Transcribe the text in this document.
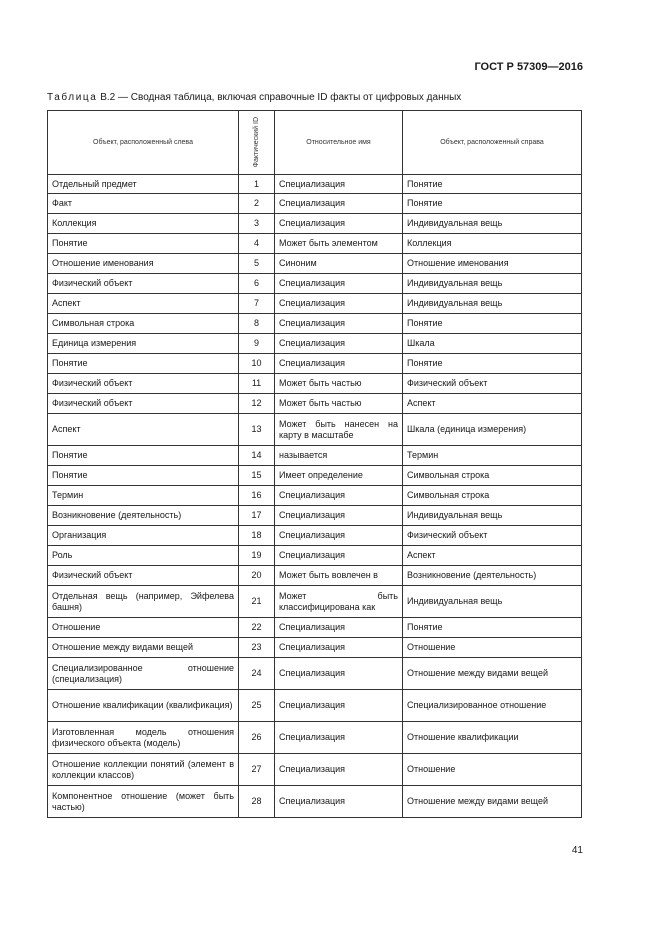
ГОСТ Р 57309—2016
Таблица В.2 — Сводная таблица, включая справочные ID факты от цифровых данных
Объект, расположенный слева	Фактический ID	Относительное имя	Объект, расположенный справа
Отдельный предмет	1	Специализация	Понятие
Факт	2	Специализация	Понятие
Коллекция	3	Специализация	Индивидуальная вещь
Понятие	4	Может быть элементом	Коллекция
Отношение именования	5	Синоним	Отношение именования
Физический объект	6	Специализация	Индивидуальная вещь
Аспект	7	Специализация	Индивидуальная вещь
Символьная строка	8	Специализация	Понятие
Единица измерения	9	Специализация	Шкала
Понятие	10	Специализация	Понятие
Физический объект	11	Может быть частью	Физический объект
Физический объект	12	Может быть частью	Аспект
Аспект	13	Может быть нанесен на карту в масштабе	Шкала (единица измерения)
Понятие	14	называется	Термин
Понятие	15	Имеет определение	Символьная строка
Термин	16	Специализация	Символьная строка
Возникновение (деятельность)	17	Специализация	Индивидуальная вещь
Организация	18	Специализация	Физический объект
Роль	19	Специализация	Аспект
Физический объект	20	Может быть вовлечен в	Возникновение (деятельность)
Отдельная вещь (например, Эйфелева башня)	21	Может быть классифицирована как	Индивидуальная вещь
Отношение	22	Специализация	Понятие
Отношение между видами вещей	23	Специализация	Отношение
Специализированное отношение (специализация)	24	Специализация	Отношение между видами вещей
Отношение квалификации (квалификация)	25	Специализация	Специализированное отношение
Изготовленная модель отношения физического объекта (модель)	26	Специализация	Отношение квалификации
Отношение коллекции понятий (элемент в коллекции классов)	27	Специализация	Отношение
Компонентное отношение (может быть частью)	28	Специализация	Отношение между видами вещей
41
